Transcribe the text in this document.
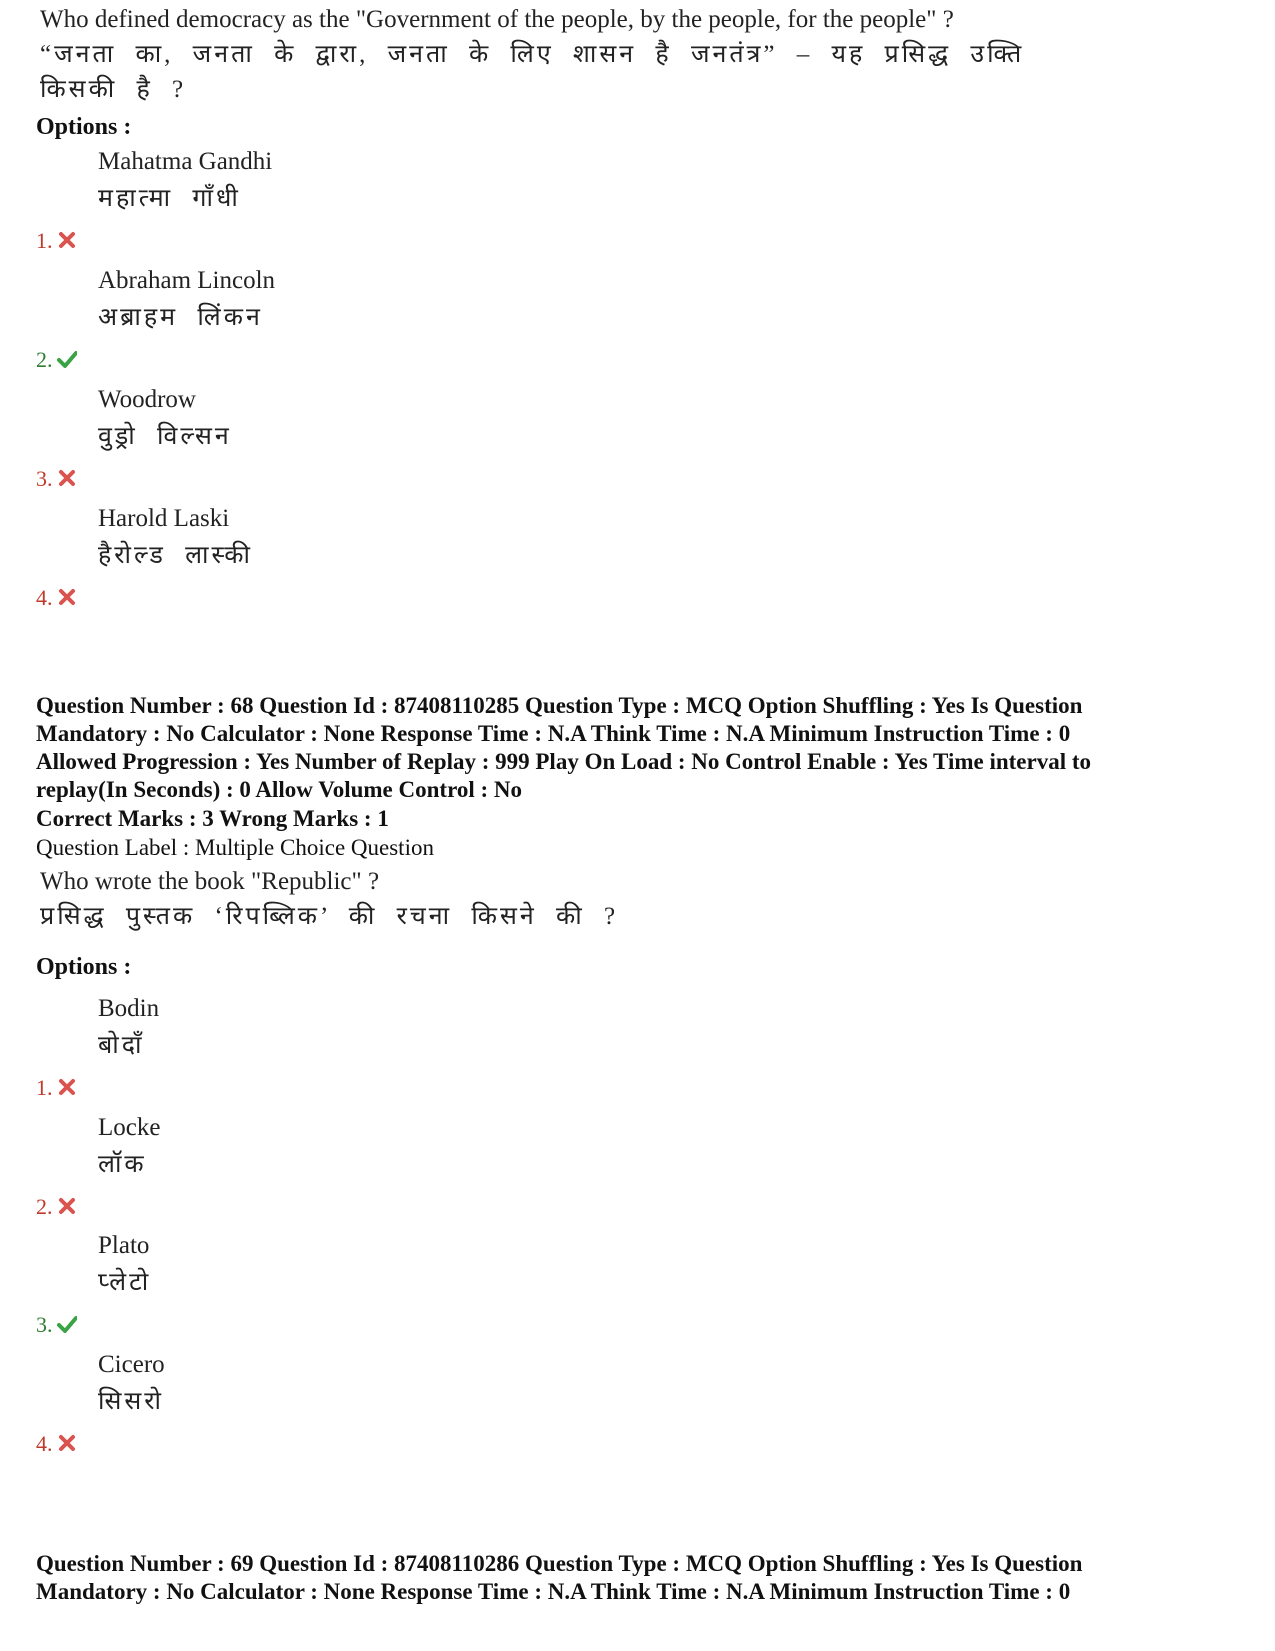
Who defined democracy as the "Government of the people, by the people, for the people" ?
“जनता का, जनता के द्वारा, जनता के लिए शासन है जनतंत्र” – यह प्रसिद्ध उक्ति
किसकी है ?
Options :
Mahatma Gandhi
महात्मा गाँधी
1.
Abraham Lincoln
अब्राहम लिंकन
2.
Woodrow
वुड्रो विल्सन
3.
Harold Laski
हैरोल्ड लास्की
4.
Question Number : 68 Question Id : 87408110285 Question Type : MCQ Option Shuffling : Yes Is Question
Mandatory : No Calculator : None Response Time : N.A Think Time : N.A Minimum Instruction Time : 0
Allowed Progression : Yes Number of Replay : 999 Play On Load : No Control Enable : Yes Time interval to
replay(In Seconds) : 0 Allow Volume Control : No
Correct Marks : 3 Wrong Marks : 1
Question Label : Multiple Choice Question
Who wrote the book "Republic" ?
प्रसिद्ध पुस्तक ‘रिपब्लिक’ की रचना किसने की ?
Options :
Bodin
बोदाँ
1.
Locke
लॉक
2.
Plato
प्लेटो
3.
Cicero
सिसरो
4.
Question Number : 69 Question Id : 87408110286 Question Type : MCQ Option Shuffling : Yes Is Question
Mandatory : No Calculator : None Response Time : N.A Think Time : N.A Minimum Instruction Time : 0
